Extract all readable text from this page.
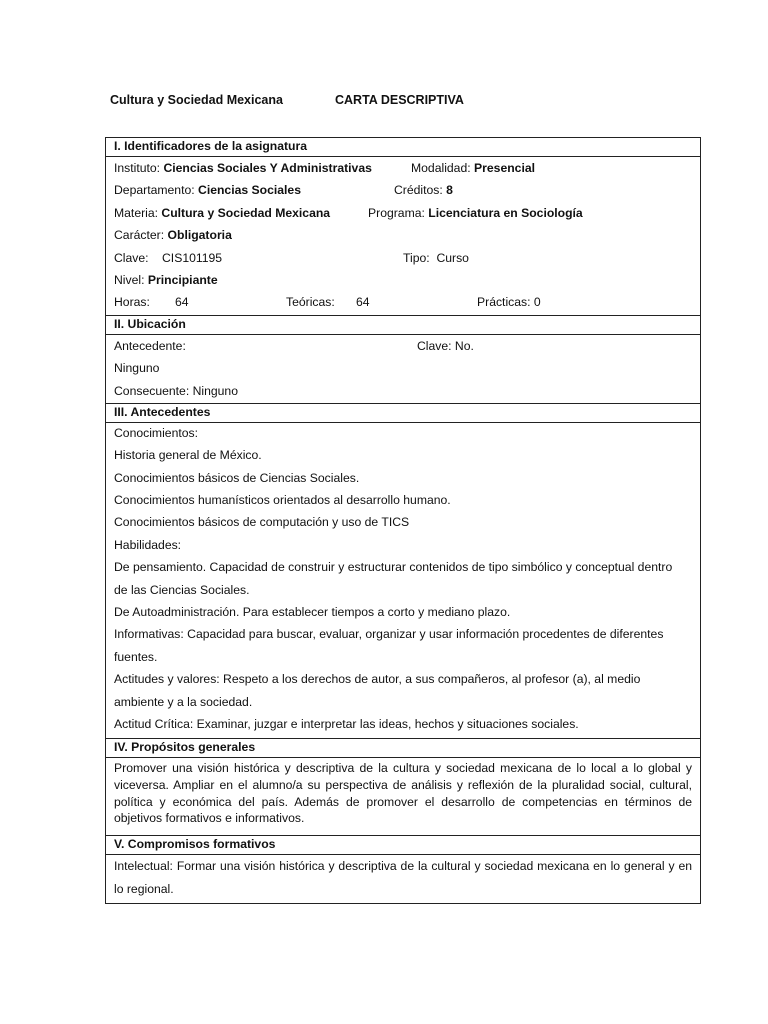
Cultura y Sociedad Mexicana	CARTA DESCRIPTIVA
I. Identificadores de la asignatura
Instituto: Ciencias Sociales Y Administrativas	Modalidad: Presencial
Departamento: Ciencias Sociales	Créditos: 8
Materia: Cultura y Sociedad Mexicana	Programa: Licenciatura en Sociología
Carácter: Obligatoria
Clave: CIS101195	Tipo: Curso
Nivel: Principiante
Horas: 64	Teóricas: 64	Prácticas: 0
II. Ubicación
Antecedente:	Clave: No.
Ninguno
Consecuente: Ninguno
III. Antecedentes
Conocimientos:
Historia general de México.
Conocimientos básicos de Ciencias Sociales.
Conocimientos humanísticos orientados al desarrollo humano.
Conocimientos básicos de computación y uso de TICS
Habilidades:
De pensamiento. Capacidad de construir y estructurar contenidos de tipo simbólico y conceptual dentro
de las Ciencias Sociales.
De Autoadministración. Para establecer tiempos a corto y mediano plazo.
Informativas: Capacidad para buscar, evaluar, organizar y usar información procedentes de diferentes
fuentes.
Actitudes y valores: Respeto a los derechos de autor, a sus compañeros, al profesor (a), al medio
ambiente y a la sociedad.
Actitud Crítica: Examinar, juzgar e interpretar las ideas, hechos y situaciones sociales.
IV. Propósitos generales
Promover una visión histórica y descriptiva de la cultura y sociedad mexicana de lo local a lo global y viceversa. Ampliar en el alumno/a su perspectiva de análisis y reflexión de la pluralidad social, cultural, política y económica del país. Además de promover el desarrollo de competencias en términos de objetivos formativos e informativos.
V. Compromisos formativos
Intelectual: Formar una visión histórica y descriptiva de la cultural y sociedad mexicana en lo general y en lo regional.
